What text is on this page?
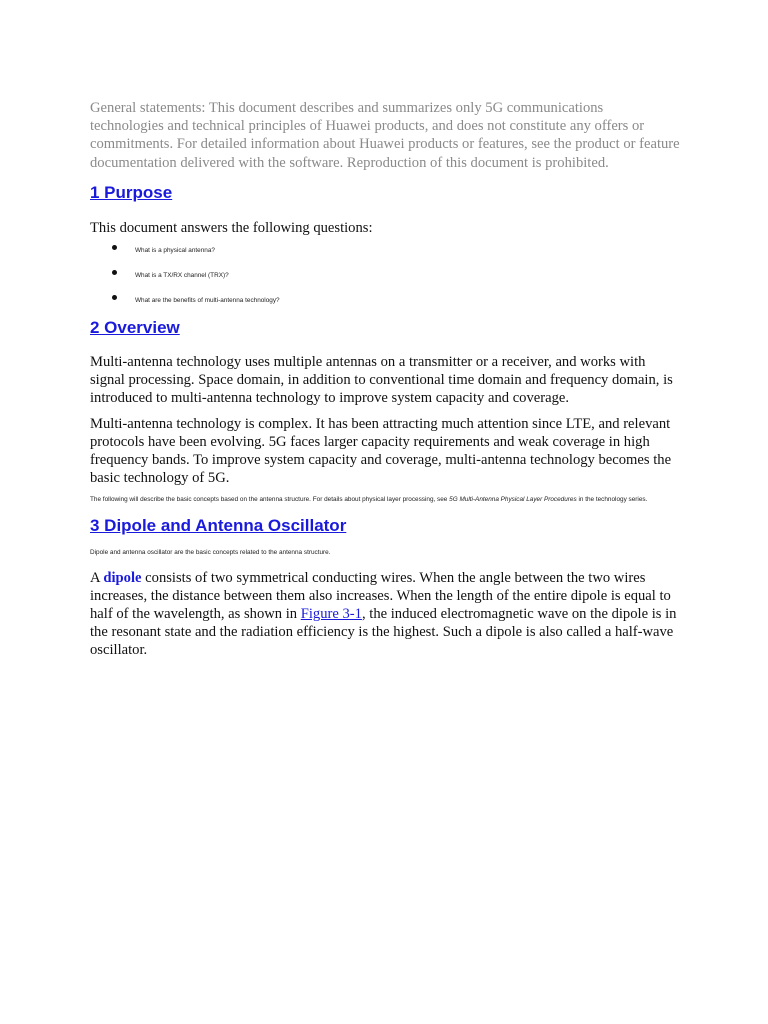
General statements: This document describes and summarizes only 5G communications technologies and technical principles of Huawei products, and does not constitute any offers or commitments. For detailed information about Huawei products or features, see the product or feature documentation delivered with the software. Reproduction of this document is prohibited.

1 Purpose

This document answers the following questions:

What is a physical antenna?

What is a TX/RX channel (TRX)?

What are the benefits of multi-antenna technology?

2 Overview

Multi-antenna technology uses multiple antennas on a transmitter or a receiver, and works with signal processing. Space domain, in addition to conventional time domain and frequency domain, is introduced to multi-antenna technology to improve system capacity and coverage.

Multi-antenna technology is complex. It has been attracting much attention since LTE, and relevant protocols have been evolving. 5G faces larger capacity requirements and weak coverage in high frequency bands. To improve system capacity and coverage, multi-antenna technology becomes the basic technology of 5G.

The following will describe the basic concepts based on the antenna structure. For details about physical layer processing, see 5G Multi-Antenna Physical Layer Procedures in the technology series.

3 Dipole and Antenna Oscillator

Dipole and antenna oscillator are the basic concepts related to the antenna structure.

A dipole consists of two symmetrical conducting wires. When the angle between the two wires increases, the distance between them also increases. When the length of the entire dipole is equal to half of the wavelength, as shown in Figure 3-1, the induced electromagnetic wave on the dipole is in the resonant state and the radiation efficiency is the highest. Such a dipole is also called a half-wave oscillator.
